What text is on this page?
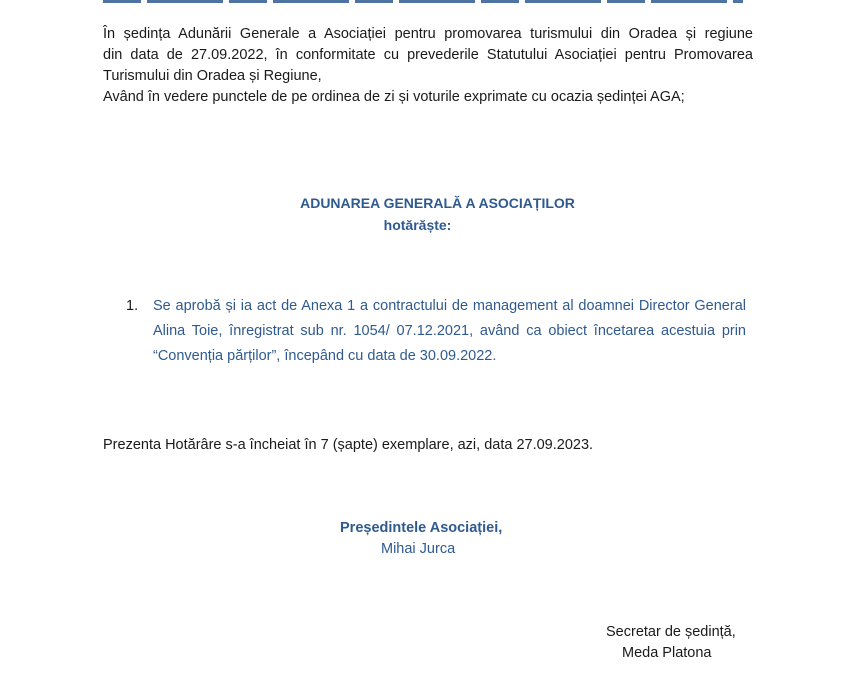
În ședința Adunării Generale a Asociației pentru promovarea turismului din Oradea și regiune

din data de 27.09.2022, în conformitate cu prevederile Statutului Asociației pentru Promovarea

Turismului din Oradea și Regiune,

Având în vedere punctele de pe ordinea de zi și voturile exprimate cu ocazia ședinței AGA;

ADUNAREA GENERALĂ A ASOCIAȚILOR
hotărăște:
1. Se aprobă și ia act de Anexa 1 a contractului de management al doamnei Director General Alina Toie, înregistrat sub nr. 1054/ 07.12.2021, având ca obiect încetarea acestuia prin “Convenția părților”, începând cu data de 30.09.2022.
Prezenta Hotărâre s-a încheiat în 7 (șapte) exemplare, azi, data 27.09.2023.
Președintele Asociației,
Mihai Jurca
Secretar de ședință,
Meda Platona
